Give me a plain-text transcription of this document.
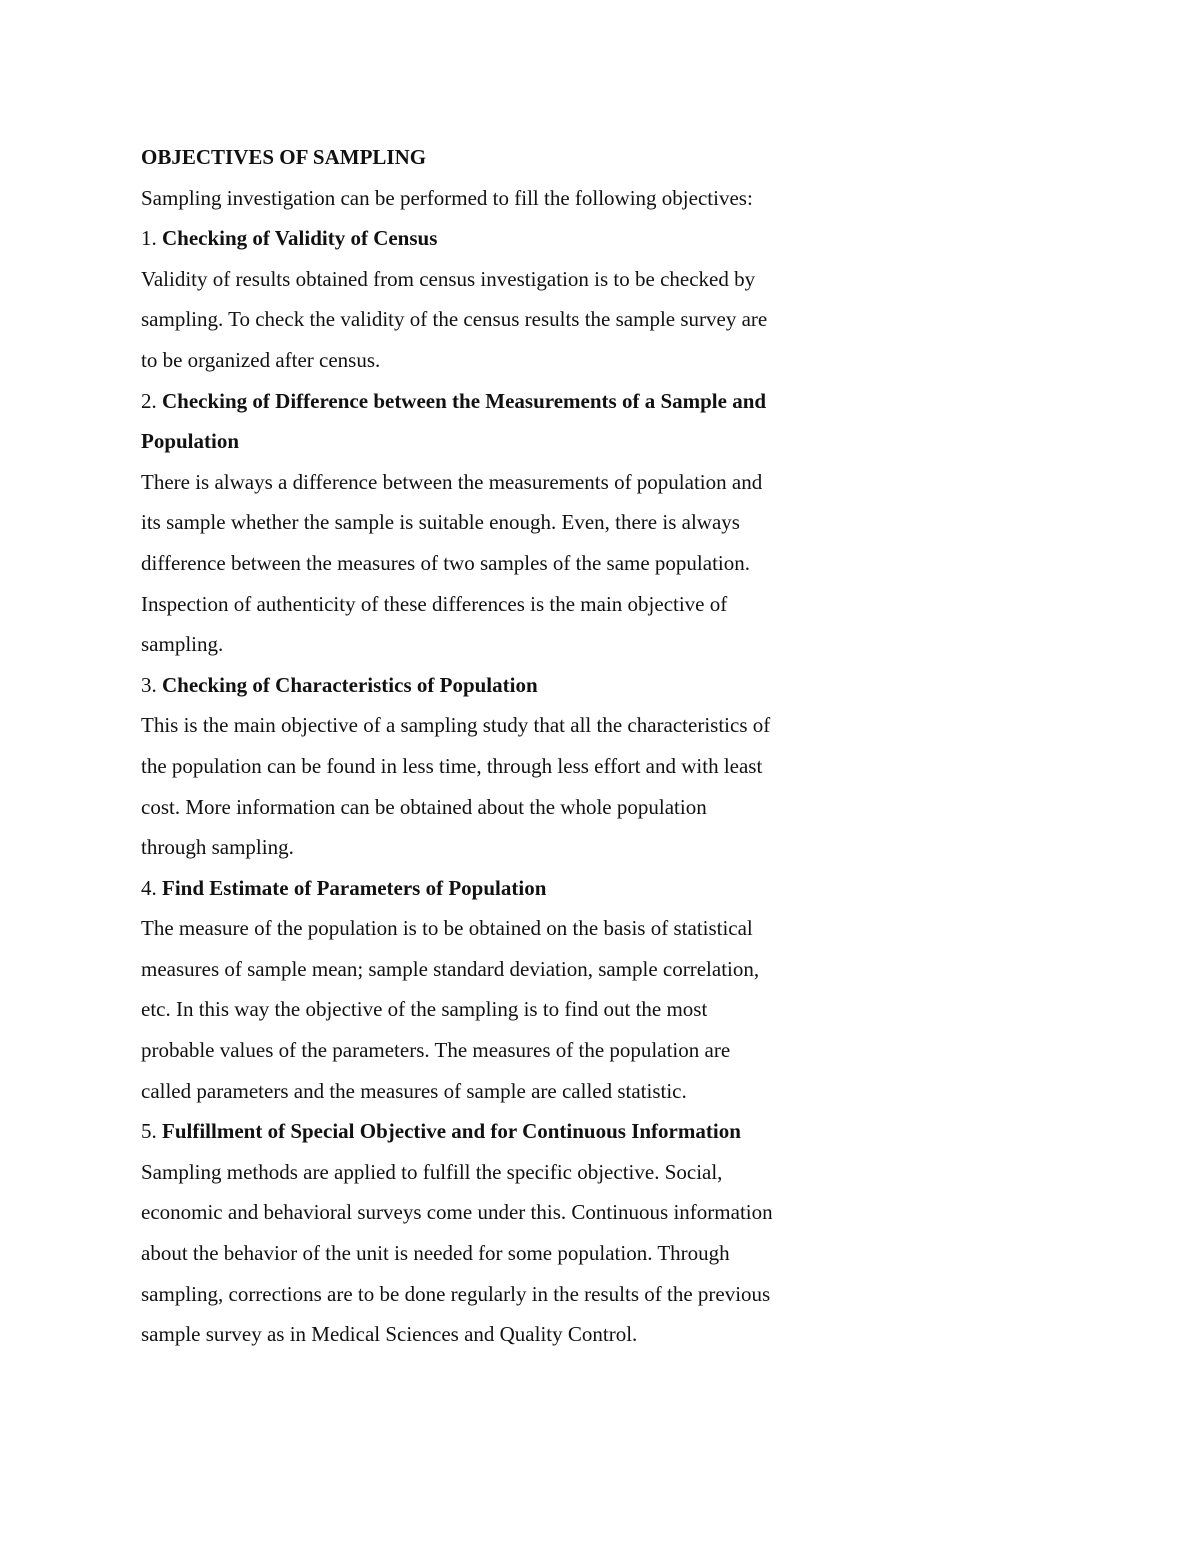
OBJECTIVES OF SAMPLING

Sampling investigation can be performed to fill the following objectives:

1. Checking of Validity of Census

Validity of results obtained from census investigation is to be checked by

sampling. To check the validity of the census results the sample survey are

to be organized after census.

2. Checking of Difference between the Measurements of a Sample and

Population

There is always a difference between the measurements of population and

its sample whether the sample is suitable enough. Even, there is always

difference between the measures of two samples of the same population.

Inspection of authenticity of these differences is the main objective of

sampling.

3. Checking of Characteristics of Population

This is the main objective of a sampling study that all the characteristics of

the population can be found in less time, through less effort and with least

cost. More information can be obtained about the whole population

through sampling.

4. Find Estimate of Parameters of Population

The measure of the population is to be obtained on the basis of statistical

measures of sample mean; sample standard deviation, sample correlation,

etc. In this way the objective of the sampling is to find out the most

probable values of the parameters. The measures of the population are

called parameters and the measures of sample are called statistic.

5. Fulfillment of Special Objective and for Continuous Information

Sampling methods are applied to fulfill the specific objective. Social,

economic and behavioral surveys come under this. Continuous information

about the behavior of the unit is needed for some population. Through

sampling, corrections are to be done regularly in the results of the previous

sample survey as in Medical Sciences and Quality Control.
